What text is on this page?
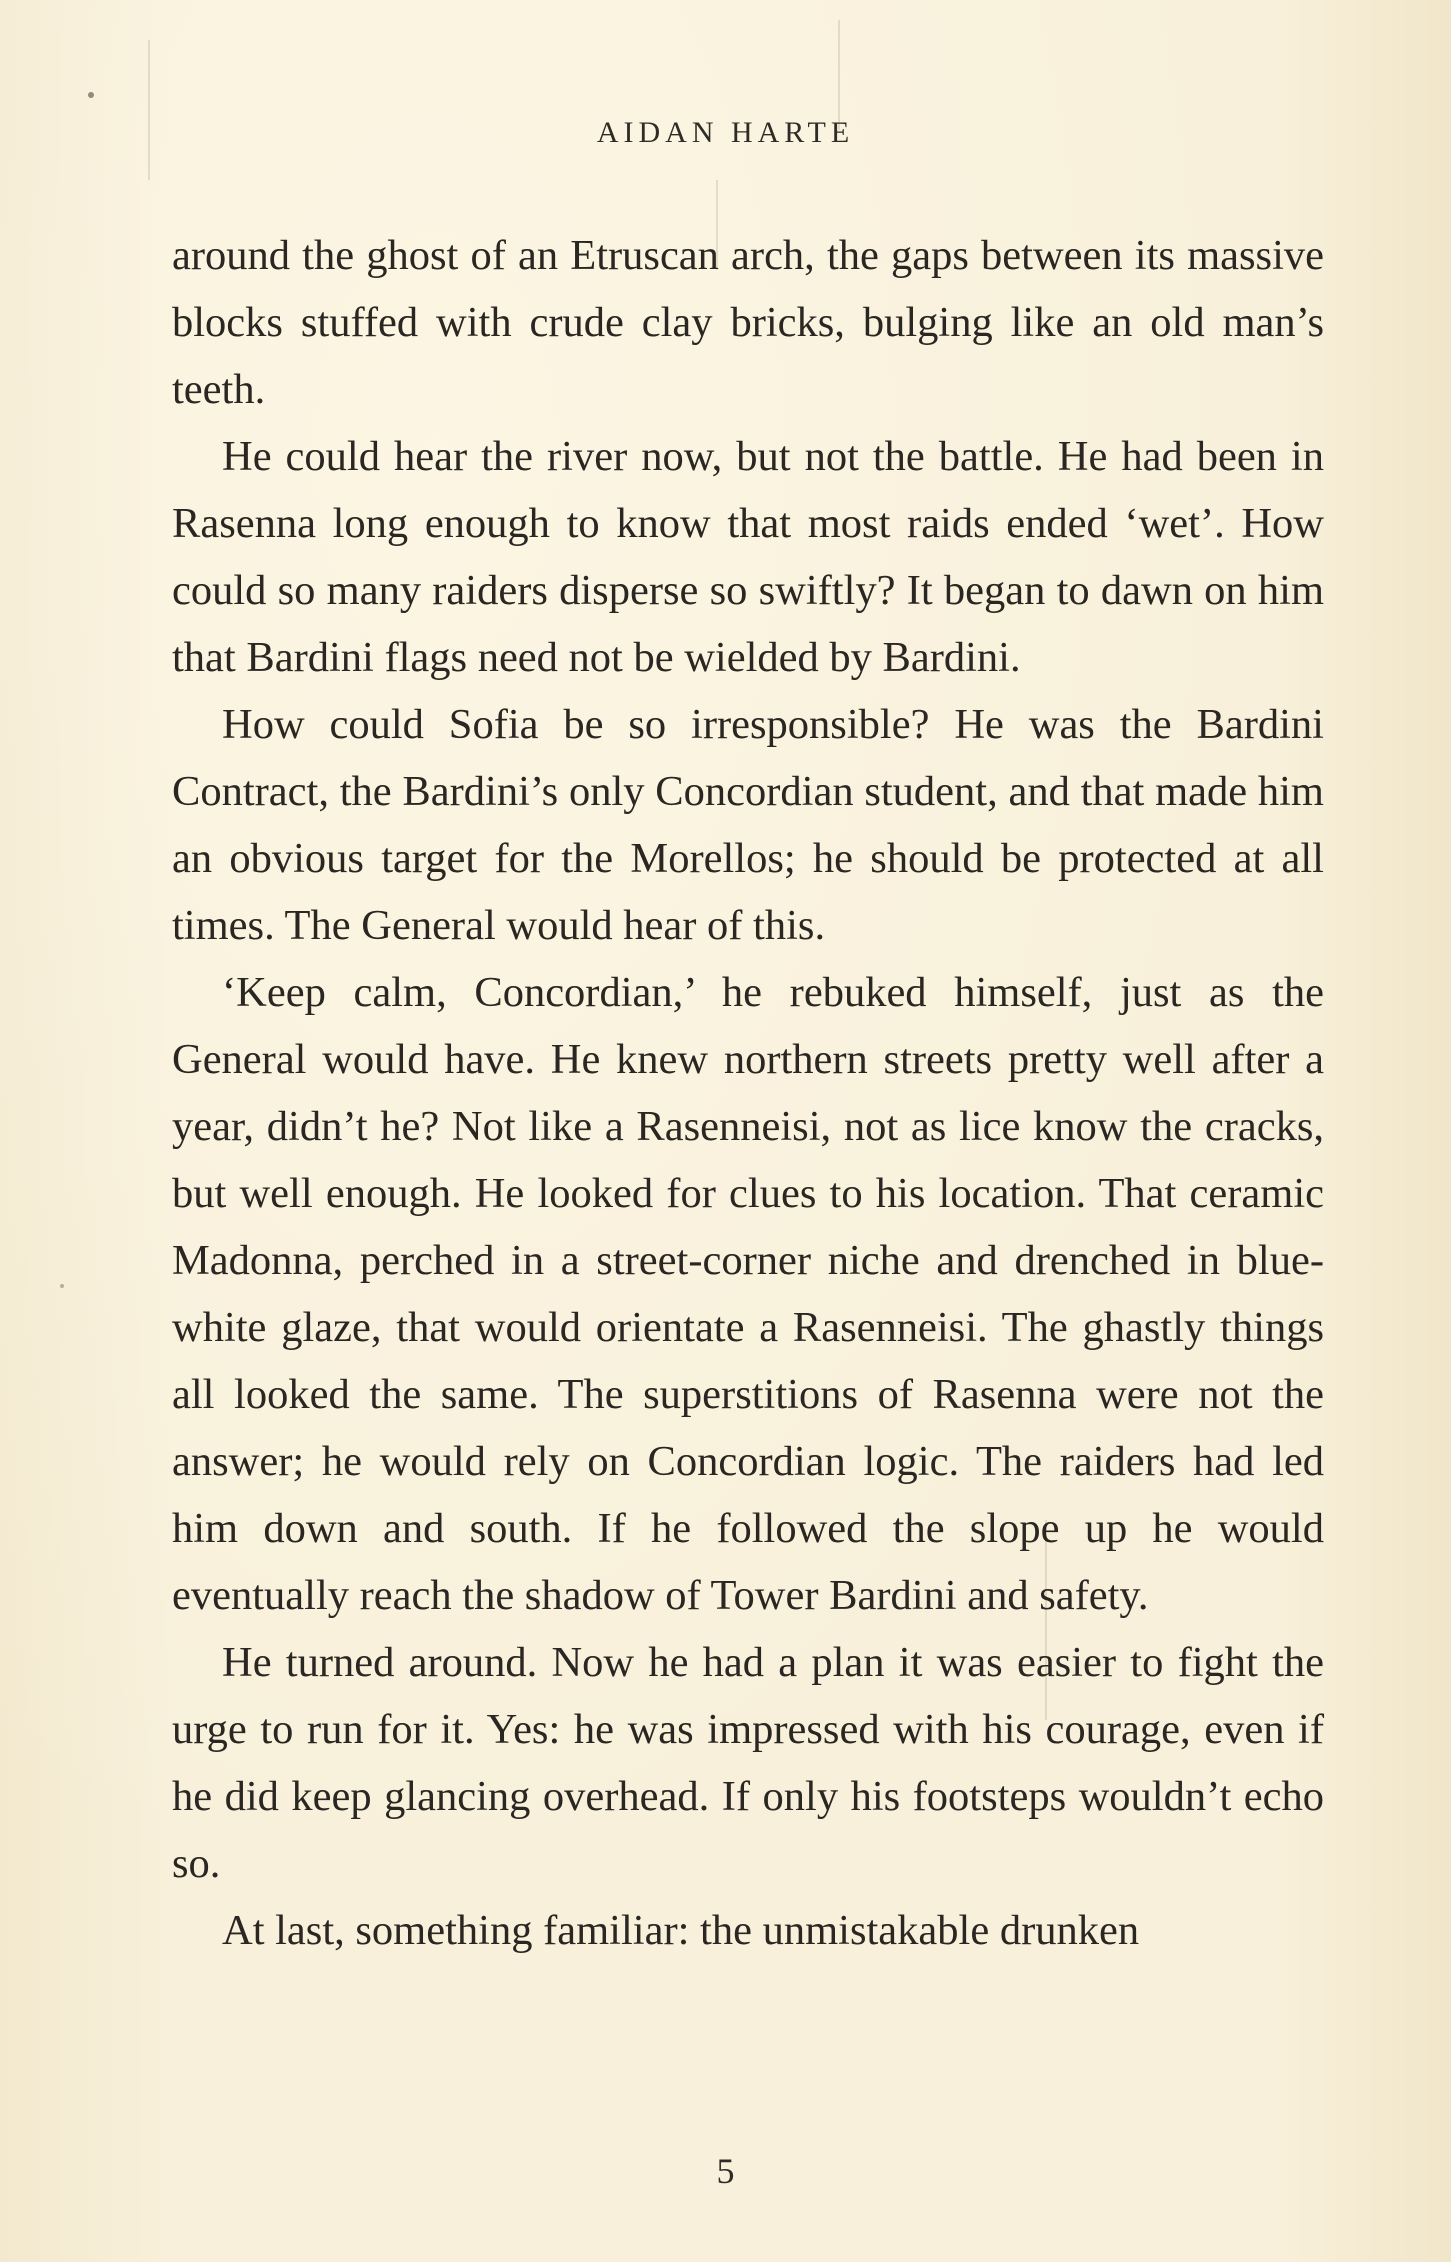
AIDAN HARTE

around the ghost of an Etruscan arch, the gaps between its massive blocks stuffed with crude clay bricks, bulging like an old man’s teeth.

He could hear the river now, but not the battle. He had been in Rasenna long enough to know that most raids ended ‘wet’. How could so many raiders disperse so swiftly? It began to dawn on him that Bardini flags need not be wielded by Bardini.

How could Sofia be so irresponsible? He was the Bardini Contract, the Bardini’s only Concordian student, and that made him an obvious target for the Morellos; he should be protected at all times. The General would hear of this.

‘Keep calm, Concordian,’ he rebuked himself, just as the General would have. He knew northern streets pretty well after a year, didn’t he? Not like a Rasenneisi, not as lice know the cracks, but well enough. He looked for clues to his location. That ceramic Madonna, perched in a street-corner niche and drenched in blue-white glaze, that would orientate a Rasenneisi. The ghastly things all looked the same. The superstitions of Rasenna were not the answer; he would rely on Concordian logic. The raiders had led him down and south. If he followed the slope up he would eventually reach the shadow of Tower Bardini and safety.

He turned around. Now he had a plan it was easier to fight the urge to run for it. Yes: he was impressed with his courage, even if he did keep glancing overhead. If only his footsteps wouldn’t echo so.

At last, something familiar: the unmistakable drunken

5
